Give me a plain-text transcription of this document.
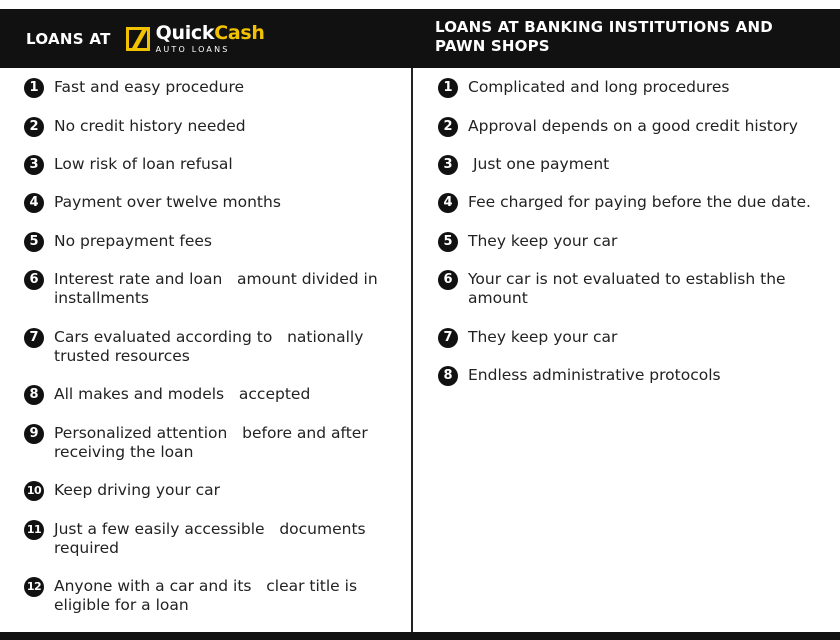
LOANS AT QuickCash
AUTO LOANS
LOANS AT BANKING INSTITUTIONS AND PAWN SHOPS
1 Fast and easy procedure
2 No credit history needed
3 Low risk of loan refusal
4 Payment over twelve months
5 No prepayment fees
6 Interest rate and loan   amount divided in installments
7 Cars evaluated according to   nationally trusted resources
8 All makes and models   accepted
9 Personalized attention   before and after receiving the loan
10 Keep driving your car
11 Just a few easily accessible   documents required
12 Anyone with a car and its   clear title is eligible for a loan
1 Complicated and long procedures
2 Approval depends on a good credit history
3 Just one payment
4 Fee charged for paying before the due date.
5 They keep your car
6 Your car is not evaluated to establish the amount
7 They keep your car
8 Endless administrative protocols
